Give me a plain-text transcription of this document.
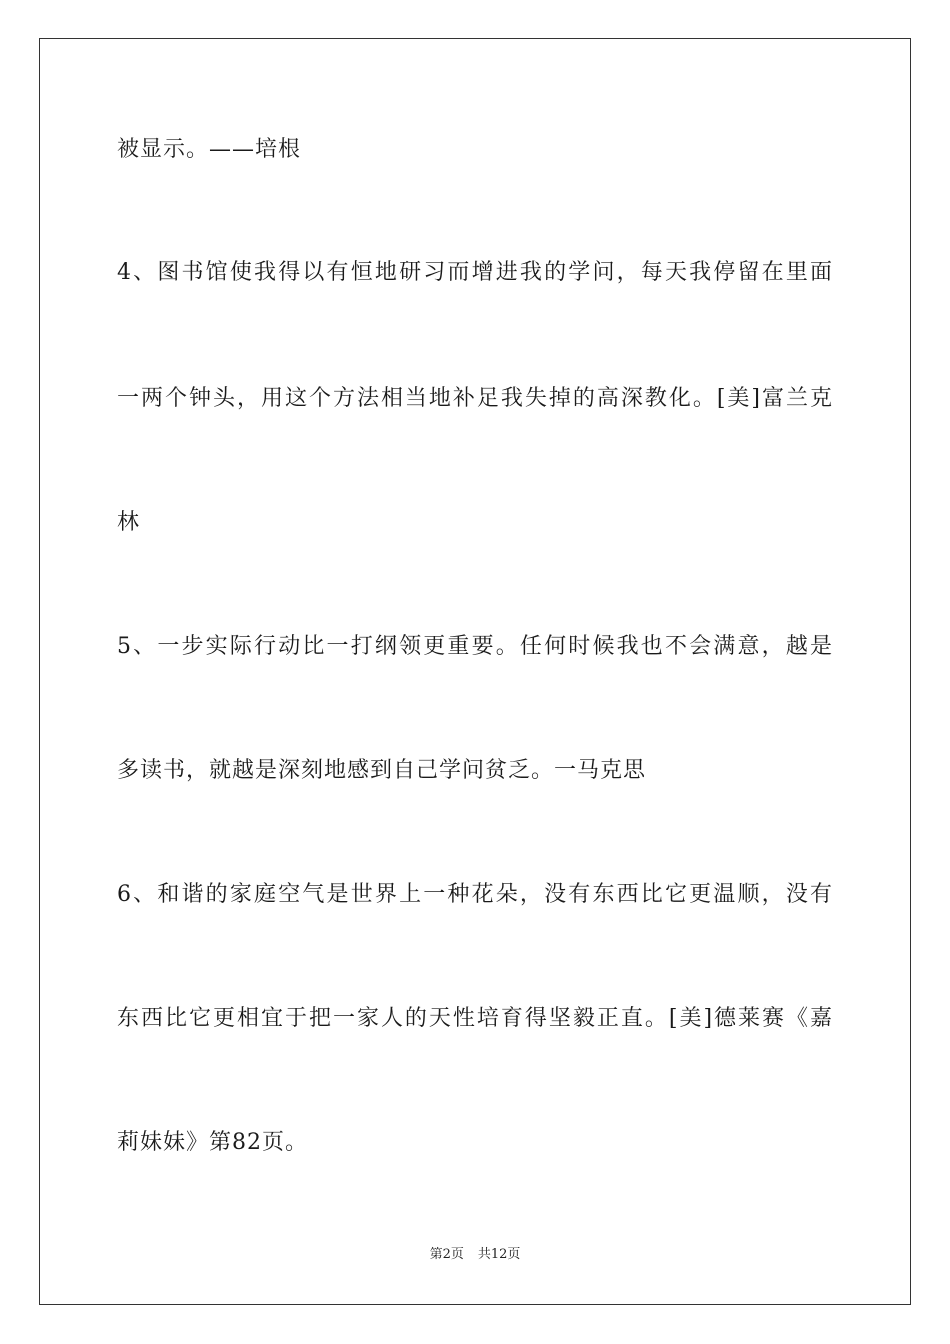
被显示。——培根
4、图书馆使我得以有恒地研习而增进我的学问，每天我停留在里面
一两个钟头，用这个方法相当地补足我失掉的高深教化。[美]富兰克
林
5、一步实际行动比一打纲领更重要。任何时候我也不会满意，越是
多读书，就越是深刻地感到自己学问贫乏。一马克思
6、和谐的家庭空气是世界上一种花朵，没有东西比它更温顺，没有
东西比它更相宜于把一家人的天性培育得坚毅正直。[美]德莱赛《嘉
莉妹妹》第82页。
第2页 共12页
